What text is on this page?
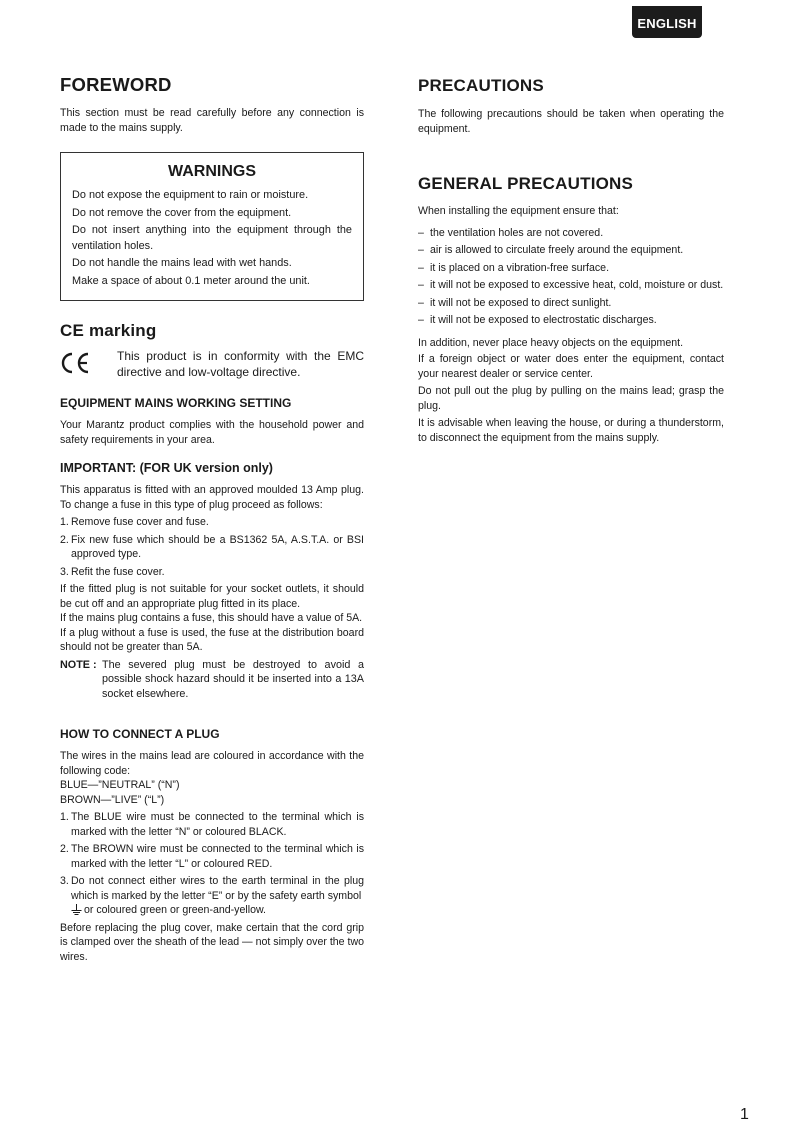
ENGLISH
FOREWORD

This section must be read carefully before any connection is made to the mains supply.

WARNINGS

Do not expose the equipment to rain or moisture.

Do not remove the cover from the equipment.

Do not insert anything into the equipment through the ventilation holes.

Do not handle the mains lead with wet hands.

Make a space of about 0.1 meter around the unit.

CE marking
This product is in conformity with the EMC directive and low-voltage directive.
EQUIPMENT MAINS WORKING SETTING

Your Marantz product complies with the household power and safety requirements in your area.

IMPORTANT: (FOR UK version only)

This apparatus is fitted with an approved moulded 13 Amp plug. To change a fuse in this type of plug proceed as follows:

1. Remove fuse cover and fuse.
2. Fix new fuse which should be a BS1362 5A, A.S.T.A. or BSI approved type.
3. Refit the fuse cover.

If the fitted plug is not suitable for your socket outlets, it should be cut off and an appropriate plug fitted in its place.

If the mains plug contains a fuse, this should have a value of 5A.

If a plug without a fuse is used, the fuse at the distribution board should not be greater than 5A.

NOTE : The severed plug must be destroyed to avoid a possible shock hazard should it be inserted into a 13A socket elsewhere.
HOW TO CONNECT A PLUG

The wires in the mains lead are coloured in accordance with the following code:

BLUE—”NEUTRAL” (“N”)

BROWN—”LIVE” (“L”)

1. The BLUE wire must be connected to the terminal which is marked with the letter “N” or coloured BLACK.
2. The BROWN wire must be connected to the terminal which is marked with the letter “L” or coloured RED.
3. Do not connect either wires to the earth terminal in the plug which is marked by the letter “E” or by the safety earth symbol
or coloured green or green-and-yellow.

Before replacing the plug cover, make certain that the cord grip is clamped over the sheath of the lead — not simply over the two wires.

PRECAUTIONS

The following precautions should be taken when operating the equipment.

GENERAL PRECAUTIONS

When installing the equipment ensure that:

– the ventilation holes are not covered.
– air is allowed to circulate freely around the equipment.
– it is placed on a vibration-free surface.
– it will not be exposed to excessive heat, cold, moisture or dust.
– it will not be exposed to direct sunlight.
– it will not be exposed to electrostatic discharges.

In addition, never place heavy objects on the equipment.

If a foreign object or water does enter the equipment, contact your nearest dealer or service center.

Do not pull out the plug by pulling on the mains lead; grasp the plug.

It is advisable when leaving the house, or during a thunderstorm, to disconnect the equipment from the mains supply.

1
